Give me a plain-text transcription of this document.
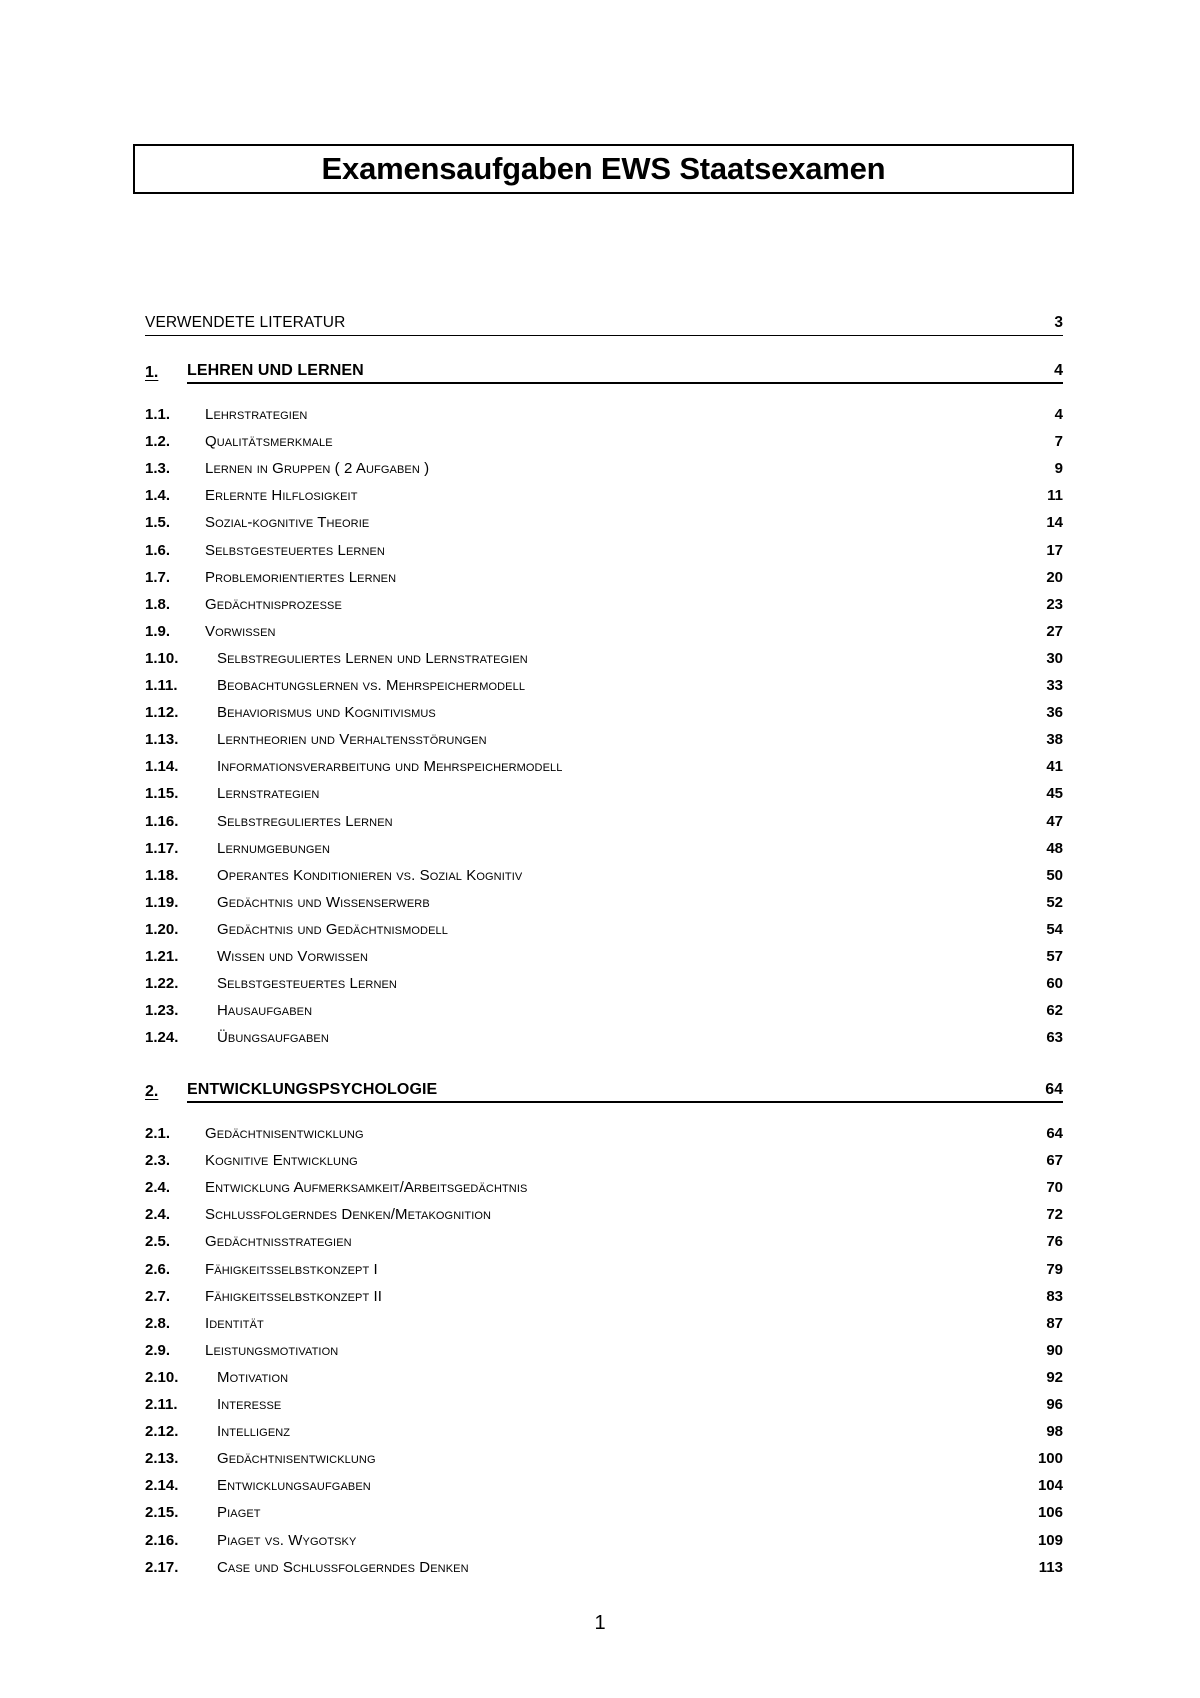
Examensaufgaben EWS Staatsexamen
VERWENDETE LITERATUR	3
1.	LEHREN UND LERNEN	4
1.1.	Lehrstrategien	4
1.2.	Qualitätsmerkmale	7
1.3.	Lernen in Gruppen ( 2 Aufgaben )	9
1.4.	Erlernte Hilflosigkeit	11
1.5.	Sozial-kognitive Theorie	14
1.6.	Selbstgesteuertes Lernen	17
1.7.	Problemorientiertes Lernen	20
1.8.	Gedächtnisprozesse	23
1.9.	Vorwissen	27
1.10.	Selbstreguliertes Lernen und Lernstrategien	30
1.11.	Beobachtungslernen vs. Mehrspeichermodell	33
1.12.	Behaviorismus und Kognitivismus	36
1.13.	Lerntheorien und Verhaltensstörungen	38
1.14.	Informationsverarbeitung und Mehrspeichermodell	41
1.15.	Lernstrategien	45
1.16.	Selbstreguliertes Lernen	47
1.17.	Lernumgebungen	48
1.18.	Operantes Konditionieren vs. Sozial Kognitiv	50
1.19.	Gedächtnis und Wissenserwerb	52
1.20.	Gedächtnis und Gedächtnismodell	54
1.21.	Wissen und Vorwissen	57
1.22.	Selbstgesteuertes Lernen	60
1.23.	Hausaufgaben	62
1.24.	Übungsaufgaben	63
2.	ENTWICKLUNGSPSYCHOLOGIE	64
2.1.	Gedächtnisentwicklung	64
2.3.	Kognitive Entwicklung	67
2.4.	Entwicklung Aufmerksamkeit/Arbeitsgedächtnis	70
2.4.	Schlussfolgerndes Denken/Metakognition	72
2.5.	Gedächtnisstrategien	76
2.6.	Fähigkeitsselbstkonzept I	79
2.7.	Fähigkeitsselbstkonzept II	83
2.8.	Identität	87
2.9.	Leistungsmotivation	90
2.10.	Motivation	92
2.11.	Interesse	96
2.12.	Intelligenz	98
2.13.	Gedächtnisentwicklung	100
2.14.	Entwicklungsaufgaben	104
2.15.	Piaget	106
2.16.	Piaget vs. Wygotsky	109
2.17.	Case und Schlussfolgerndes Denken	113
1
